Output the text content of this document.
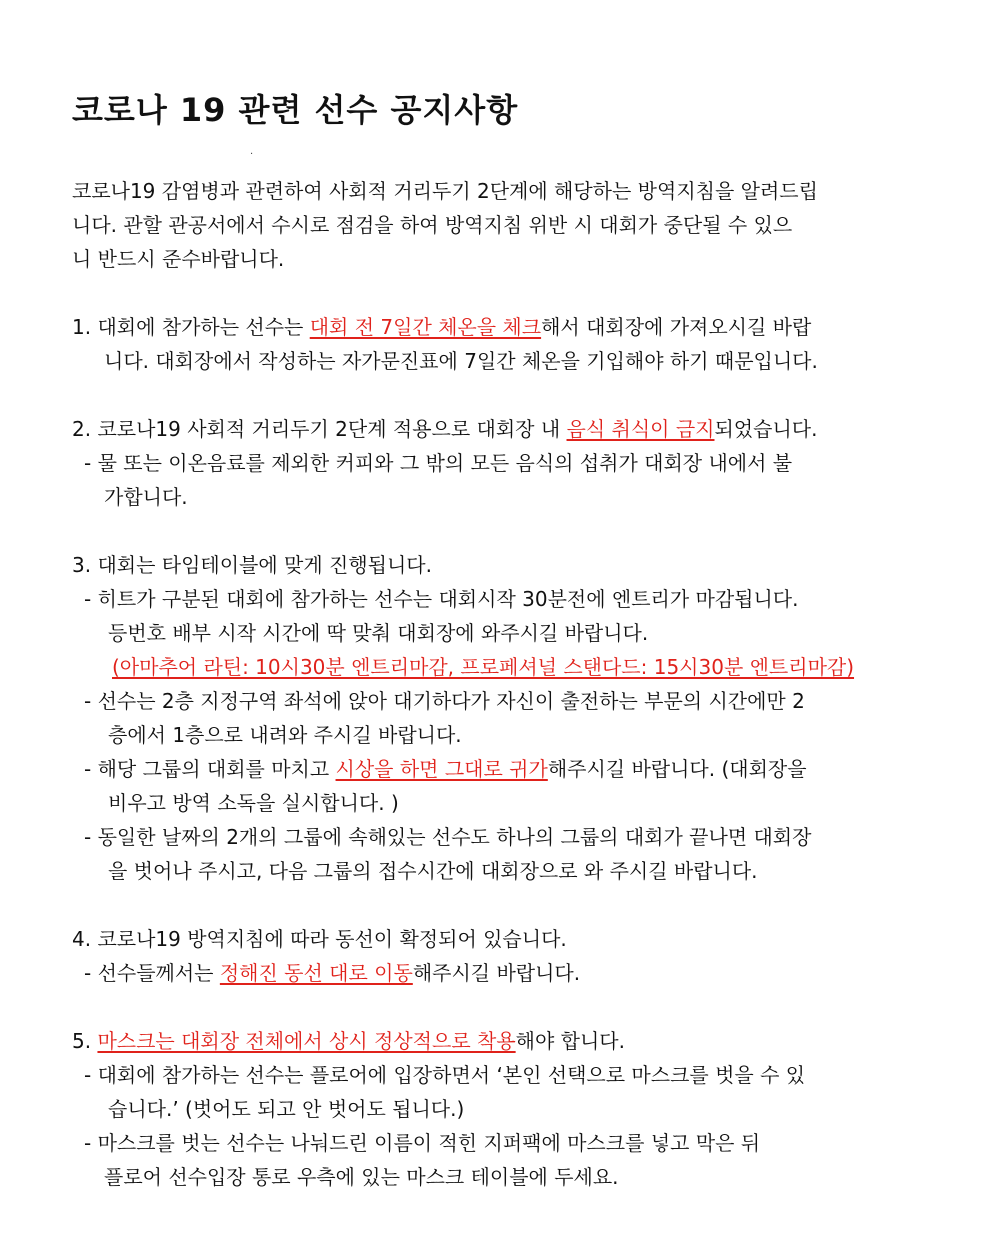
.
코로나 19 관련 선수 공지사항

코로나19 감염병과 관련하여 사회적 거리두기 2단계에 해당하는 방역지침을 알려드립

니다. 관할 관공서에서 수시로 점검을 하여 방역지침 위반 시 대회가 중단될 수 있으

니 반드시 준수바랍니다.

1. 대회에 참가하는 선수는 대회 전 7일간 체온을 체크해서 대회장에 가져오시길 바랍

니다. 대회장에서 작성하는 자가문진표에 7일간 체온을 기입해야 하기 때문입니다.

2. 코로나19 사회적 거리두기 2단계 적용으로 대회장 내 음식 취식이 금지되었습니다.

- 물 또는 이온음료를 제외한 커피와 그 밖의 모든 음식의 섭취가 대회장 내에서 불

가합니다.

3. 대회는 타임테이블에 맞게 진행됩니다.

- 히트가 구분된 대회에 참가하는 선수는 대회시작 30분전에 엔트리가 마감됩니다.

등번호 배부 시작 시간에 딱 맞춰 대회장에 와주시길 바랍니다.

(아마추어 라틴: 10시30분 엔트리마감, 프로페셔널 스탠다드: 15시30분 엔트리마감)

- 선수는 2층 지정구역 좌석에 앉아 대기하다가 자신이 출전하는 부문의 시간에만 2

층에서 1층으로 내려와 주시길 바랍니다.

- 해당 그룹의 대회를 마치고 시상을 하면 그대로 귀가해주시길 바랍니다. (대회장을

비우고 방역 소독을 실시합니다. )

- 동일한 날짜의 2개의 그룹에 속해있는 선수도 하나의 그룹의 대회가 끝나면 대회장

을 벗어나 주시고, 다음 그룹의 접수시간에 대회장으로 와 주시길 바랍니다.

4. 코로나19 방역지침에 따라 동선이 확정되어 있습니다.

- 선수들께서는 정해진 동선 대로 이동해주시길 바랍니다.

5. 마스크는 대회장 전체에서 상시 정상적으로 착용해야 합니다.

- 대회에 참가하는 선수는 플로어에 입장하면서 ‘본인 선택으로 마스크를 벗을 수 있

습니다.’ (벗어도 되고 안 벗어도 됩니다.)

- 마스크를 벗는 선수는 나눠드린 이름이 적힌 지퍼팩에 마스크를 넣고 막은 뒤

플로어 선수입장 통로 우측에 있는 마스크 테이블에 두세요.
